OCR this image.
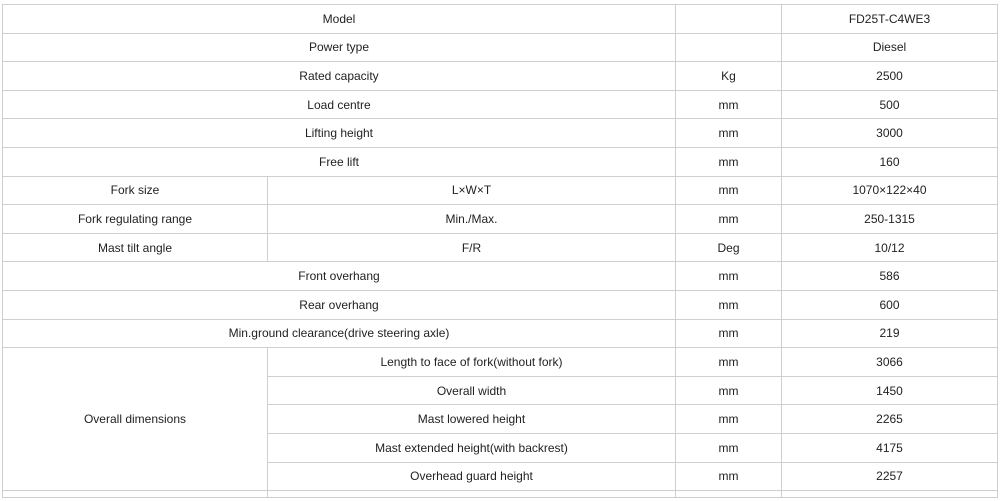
Model			FD25T-C4WE3
Power type			Diesel
Rated capacity		Kg	2500
Load centre		mm	500
Lifting height		mm	3000
Free lift		mm	160
Fork size	L×W×T	mm	1070×122×40
Fork regulating range	Min./Max.	mm	250-1315
Mast tilt angle	F/R	Deg	10/12
Front overhang		mm	586
Rear overhang		mm	600
Min.ground clearance(drive steering axle)		mm	219
Overall dimensions	Length to face of fork(without fork)	mm	3066
	Overall width	mm	1450
	Mast lowered height	mm	2265
	Mast extended height(with backrest)	mm	4175
	Overhead guard height	mm	2257
